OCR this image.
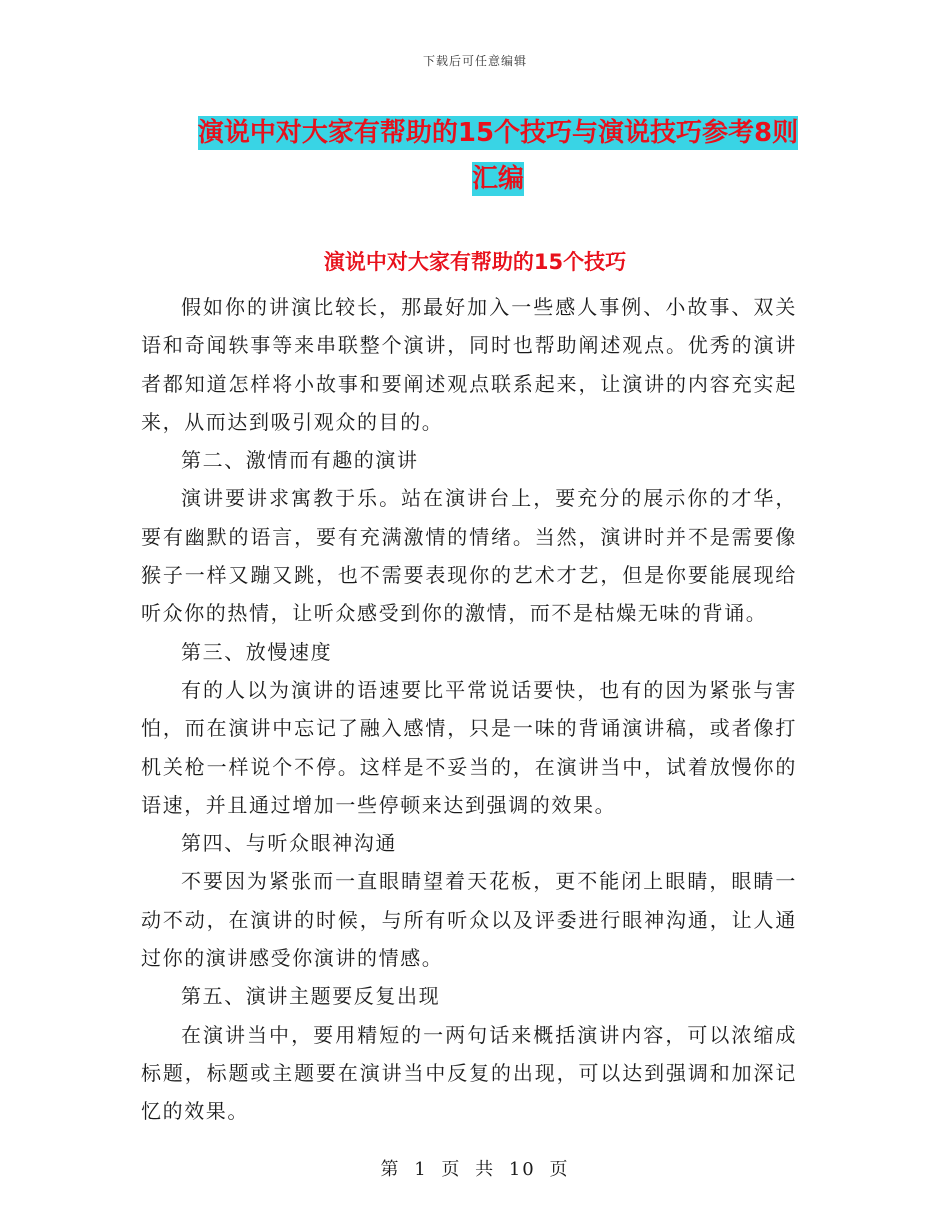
下载后可任意编辑
演说中对大家有帮助的15个技巧与演说技巧参考8则汇编
演说中对大家有帮助的15个技巧

假如你的讲演比较长，那最好加入一些感人事例、小故事、双关语和奇闻轶事等来串联整个演讲，同时也帮助阐述观点。优秀的演讲者都知道怎样将小故事和要阐述观点联系起来，让演讲的内容充实起来，从而达到吸引观众的目的。

第二、激情而有趣的演讲

演讲要讲求寓教于乐。站在演讲台上，要充分的展示你的才华，要有幽默的语言，要有充满激情的情绪。当然，演讲时并不是需要像猴子一样又蹦又跳，也不需要表现你的艺术才艺，但是你要能展现给听众你的热情，让听众感受到你的激情，而不是枯燥无味的背诵。

第三、放慢速度

有的人以为演讲的语速要比平常说话要快，也有的因为紧张与害怕，而在演讲中忘记了融入感情，只是一味的背诵演讲稿，或者像打机关枪一样说个不停。这样是不妥当的，在演讲当中，试着放慢你的语速，并且通过增加一些停顿来达到强调的效果。

第四、与听众眼神沟通

不要因为紧张而一直眼睛望着天花板，更不能闭上眼睛，眼睛一动不动，在演讲的时候，与所有听众以及评委进行眼神沟通，让人通过你的演讲感受你演讲的情感。

第五、演讲主题要反复出现

在演讲当中，要用精短的一两句话来概括演讲内容，可以浓缩成标题，标题或主题要在演讲当中反复的出现，可以达到强调和加深记忆的效果。

第 1 页 共 10 页
